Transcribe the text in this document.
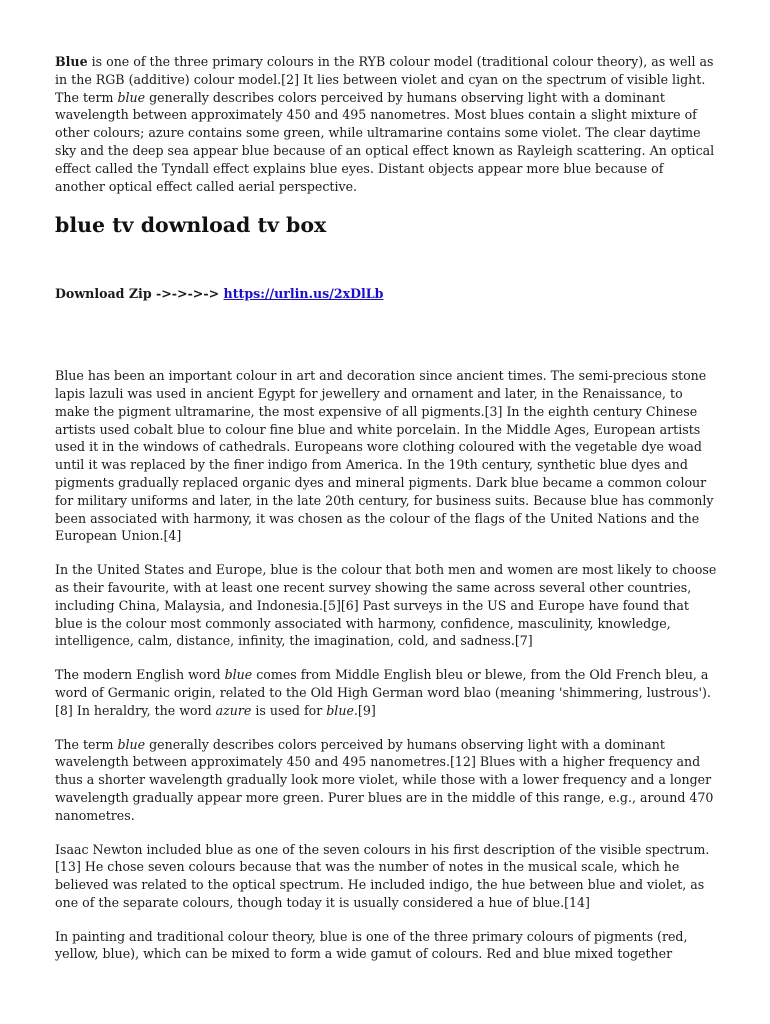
Blue is one of the three primary colours in the RYB colour model (traditional colour theory), as well as in the RGB (additive) colour model.[2] It lies between violet and cyan on the spectrum of visible light. The term blue generally describes colors perceived by humans observing light with a dominant wavelength between approximately 450 and 495 nanometres. Most blues contain a slight mixture of other colours; azure contains some green, while ultramarine contains some violet. The clear daytime sky and the deep sea appear blue because of an optical effect known as Rayleigh scattering. An optical effect called the Tyndall effect explains blue eyes. Distant objects appear more blue because of another optical effect called aerial perspective.

blue tv download tv box

Download Zip ->->->-> https://urlin.us/2xDlLb

Blue has been an important colour in art and decoration since ancient times. The semi-precious stone lapis lazuli was used in ancient Egypt for jewellery and ornament and later, in the Renaissance, to make the pigment ultramarine, the most expensive of all pigments.[3] In the eighth century Chinese artists used cobalt blue to colour fine blue and white porcelain. In the Middle Ages, European artists used it in the windows of cathedrals. Europeans wore clothing coloured with the vegetable dye woad until it was replaced by the finer indigo from America. In the 19th century, synthetic blue dyes and pigments gradually replaced organic dyes and mineral pigments. Dark blue became a common colour for military uniforms and later, in the late 20th century, for business suits. Because blue has commonly been associated with harmony, it was chosen as the colour of the flags of the United Nations and the European Union.[4]

In the United States and Europe, blue is the colour that both men and women are most likely to choose as their favourite, with at least one recent survey showing the same across several other countries, including China, Malaysia, and Indonesia.[5][6] Past surveys in the US and Europe have found that blue is the colour most commonly associated with harmony, confidence, masculinity, knowledge, intelligence, calm, distance, infinity, the imagination, cold, and sadness.[7]

The modern English word blue comes from Middle English bleu or blewe, from the Old French bleu, a word of Germanic origin, related to the Old High German word blao (meaning 'shimmering, lustrous').[8] In heraldry, the word azure is used for blue.[9]

The term blue generally describes colors perceived by humans observing light with a dominant wavelength between approximately 450 and 495 nanometres.[12] Blues with a higher frequency and thus a shorter wavelength gradually look more violet, while those with a lower frequency and a longer wavelength gradually appear more green. Purer blues are in the middle of this range, e.g., around 470 nanometres.

Isaac Newton included blue as one of the seven colours in his first description of the visible spectrum.[13] He chose seven colours because that was the number of notes in the musical scale, which he believed was related to the optical spectrum. He included indigo, the hue between blue and violet, as one of the separate colours, though today it is usually considered a hue of blue.[14]

In painting and traditional colour theory, blue is one of the three primary colours of pigments (red, yellow, blue), which can be mixed to form a wide gamut of colours. Red and blue mixed together
